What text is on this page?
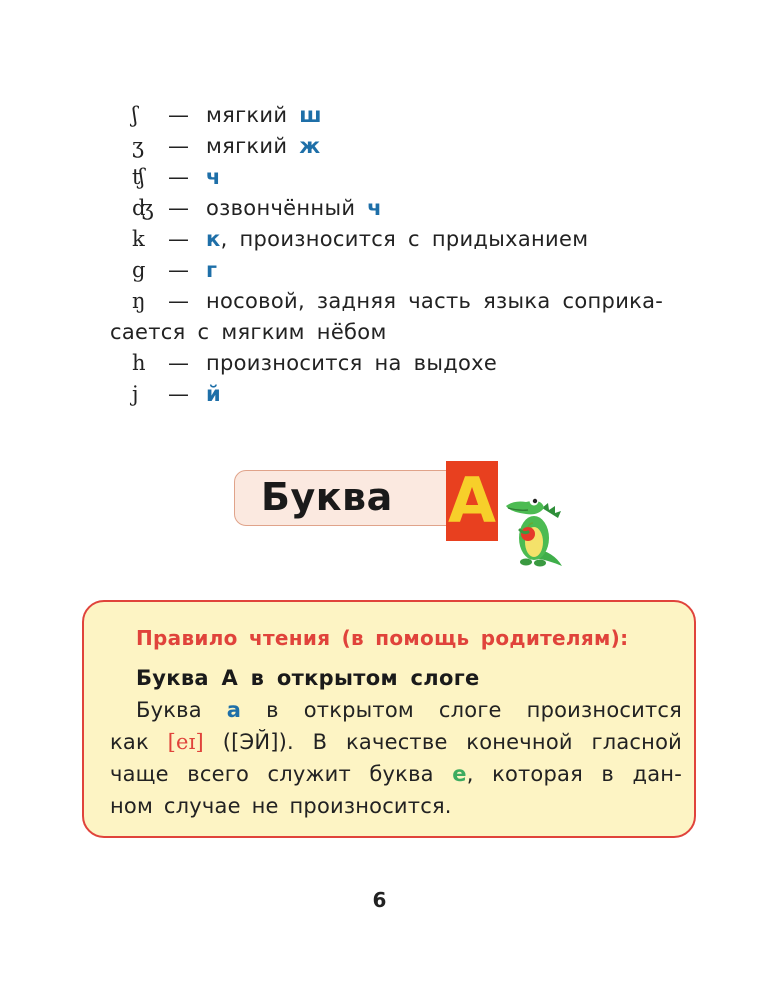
ʃ — мягкий ш
ʒ — мягкий ж
ʧ — ч
ʤ — озвончённый ч
k — к, произносится с придыханием
g — г
ŋ — носовой, задняя часть языка соприка-
сается с мягким нёбом
h — произносится на выдохе
j — й
Буква A
Правило чтения (в помощь родителям):
Буква А в открытом слоге
Буква а в открытом слоге произносится
как [eɪ] ([ЭЙ]). В качестве конечной гласной
чаще всего служит буква е, которая в дан-
ном случае не произносится.
6
